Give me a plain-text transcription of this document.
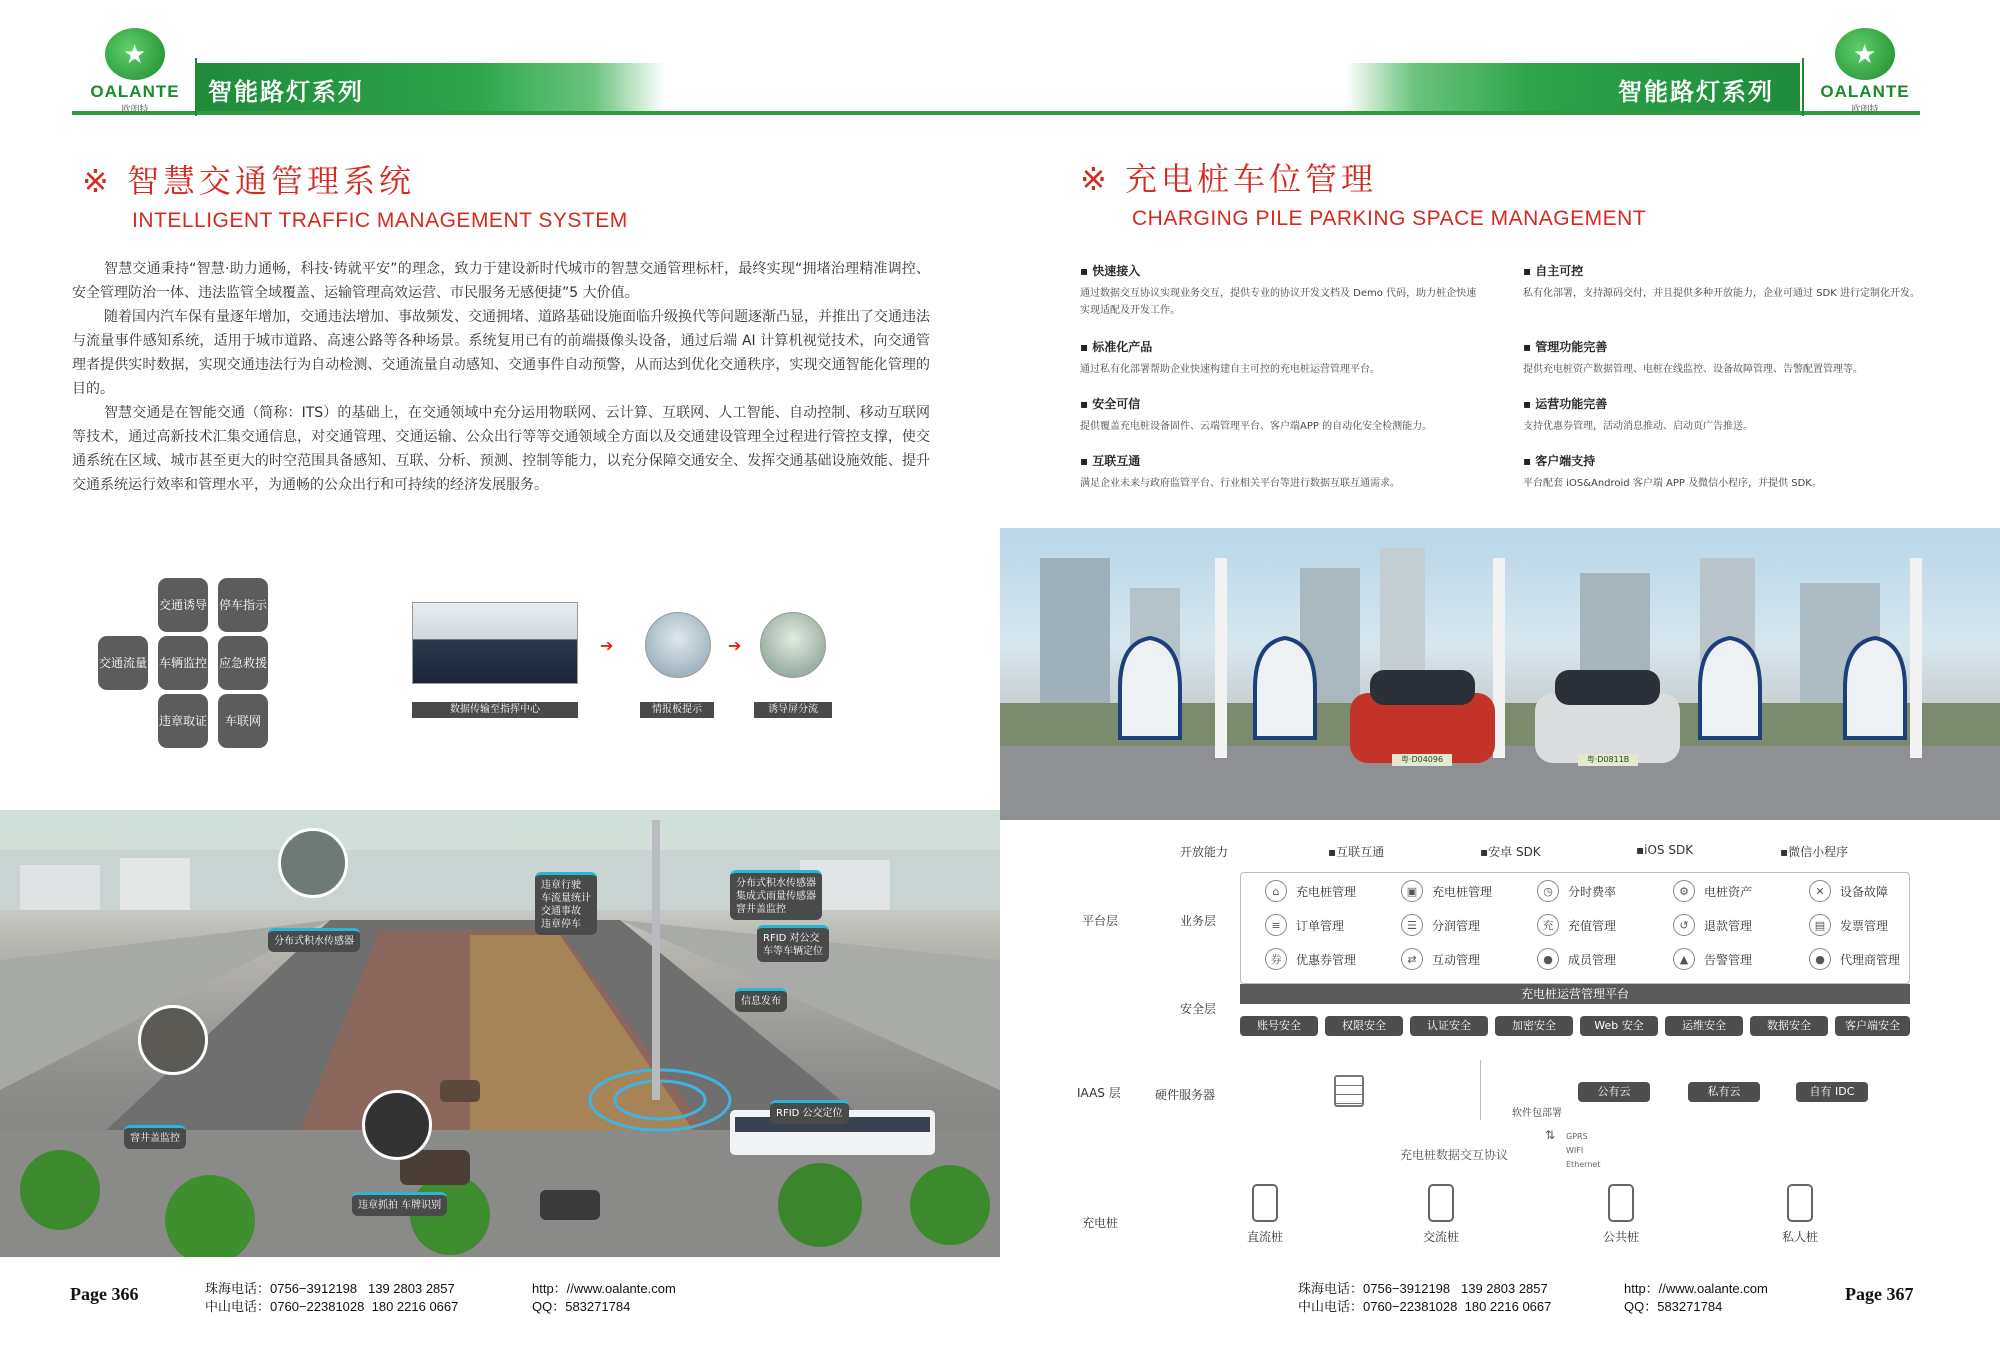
智能路灯系列
★
OALANTE
欧朗特
※ 智慧交通管理系统
INTELLIGENT TRAFFIC MANAGEMENT SYSTEM

智慧交通秉持“智慧·助力通畅，科技·铸就平安”的理念，致力于建设新时代城市的智慧交通管理标杆，最终实现“拥堵治理精准调控、安全管理防治一体、违法监管全域覆盖、运输管理高效运营、市民服务无感便捷”5 大价值。

随着国内汽车保有量逐年增加，交通违法增加、事故频发、交通拥堵、道路基础设施面临升级换代等问题逐渐凸显，并推出了交通违法与流量事件感知系统，适用于城市道路、高速公路等各种场景。系统复用已有的前端摄像头设备，通过后端 AI 计算机视觉技术，向交通管理者提供实时数据，实现交通违法行为自动检测、交通流量自动感知、交通事件自动预警，从而达到优化交通秩序，实现交通智能化管理的目的。

智慧交通是在智能交通（简称：ITS）的基础上，在交通领域中充分运用物联网、云计算、互联网、人工智能、自动控制、移动互联网等技术，通过高新技术汇集交通信息，对交通管理、交通运输、公众出行等等交通领域全方面以及交通建设管理全过程进行管控支撑，使交通系统在区域、城市甚至更大的时空范围具备感知、互联、分析、预测、控制等能力，以充分保障交通安全、发挥交通基础设施效能、提升交通系统运行效率和管理水平，为通畅的公众出行和可持续的经济发展服务。

交通诱导 停车指示
交通流量 车辆监控 应急救援
违章取证	车联网
数据传输至指挥中心
➔
情报板提示
➔
诱导屏分流
分布式积水传感器
违章行驶
车流量统计
交通事故
违章停车
分布式积水传感器
集成式雨量传感器
窨井盖监控
RFID 对公交
车等车辆定位
信息发布
窨井盖监控
RFID 公交定位
违章抓拍 车牌识别
Page 366	珠海电话：0756−3912198 139 2803 2857
中山电话：0760−22381028 180 2216 0667
http：//www.oalante.com
QQ：583271784
智能路灯系列
★
OALANTE
欧朗特
※ 充电桩车位管理
CHARGING PILE PARKING SPACE MANAGEMENT
▪ 快速接入
通过数据交互协议实现业务交互，提供专业的协议开发文档及 Demo 代码，助力桩企快速实现适配及开发工作。
▪ 自主可控
私有化部署，支持源码交付，并且提供多种开放能力，企业可通过 SDK 进行定制化开发。
▪ 标准化产品
通过私有化部署帮助企业快速构建自主可控的充电桩运营管理平台。
▪ 管理功能完善
提供充电桩资产数据管理、电桩在线监控、设备故障管理、告警配置管理等。
▪ 安全可信
提供覆盖充电桩设备固件、云端管理平台、客户端APP 的自动化安全检测能力。
▪ 运营功能完善
支持优惠券管理，活动消息推动、启动页广告推送。
▪ 互联互通
满足企业未来与政府监管平台、行业相关平台等进行数据互联互通需求。
▪ 客户端支持
平台配套 iOS&Android 客户端 APP 及微信小程序，并提供 SDK。
粤·D04096	粤·D0811B
开放能力	▪互联互通	▪安卓 SDK	▪iOS SDK	▪微信小程序
平台层	业务层
⌂	充电桩管理	▣	充电桩管理	◷	分时费率	⚙	电桩资产	✕	设备故障
≡	订单管理	☰	分润管理	充	充值管理	↺	退款管理	▤	发票管理
券	优惠券管理	⇄	互动管理	●	成员管理	▲	告警管理	●	代理商管理
充电桩运营管理平台
安全层
账号安全	权限安全	认证安全	加密安全	Web 安全	运维安全	数据安全	客户端安全
IAAS 层	硬件服务器	公有云	私有云	自有 IDC
软件包部署
⇅
充电桩数据交互协议
GPRS
WIFI
Ethernet
充电桩
直流桩	交流桩	公共桩	私人桩
珠海电话：0756−3912198 139 2803 2857
中山电话：0760−22381028 180 2216 0667
http：//www.oalante.com
QQ：583271784
Page 367
